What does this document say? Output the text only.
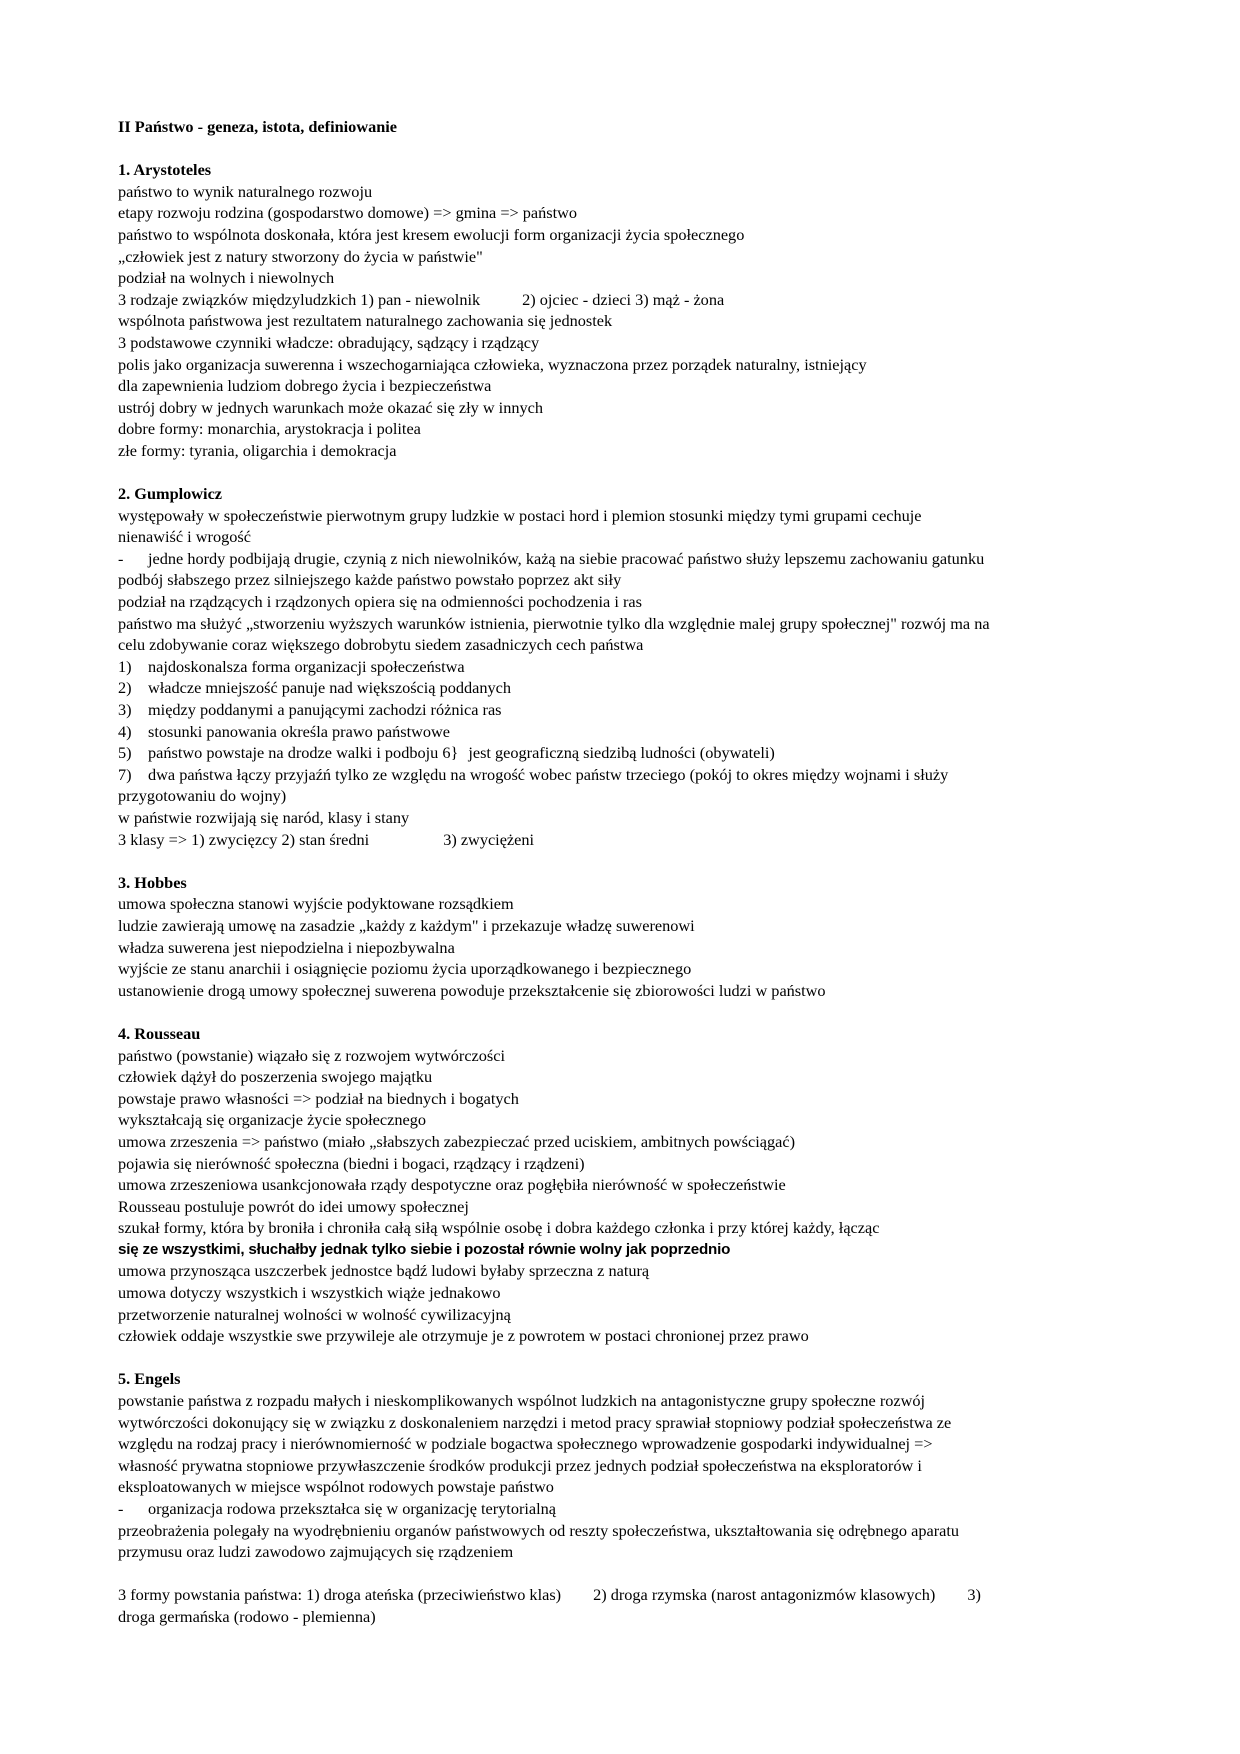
II Państwo - geneza, istota, definiowanie
1. Arystoteles
państwo to wynik naturalnego rozwoju
etapy rozwoju rodzina (gospodarstwo domowe) => gmina => państwo
państwo to wspólnota doskonała, która jest kresem ewolucji form organizacji życia społecznego
„człowiek jest z natury stworzony do życia w państwie"
podział na wolnych i niewolnych
3 rodzaje związków międzyludzkich 1) pan - niewolnik	2) ojciec - dzieci 3) mąż - żona
wspólnota państwowa jest rezultatem naturalnego zachowania się jednostek
3 podstawowe czynniki władcze: obradujący, sądzący i rządzący
polis jako organizacja suwerenna i wszechogarniająca człowieka, wyznaczona przez porządek naturalny, istniejący
dla zapewnienia ludziom dobrego życia i bezpieczeństwa
ustrój dobry w jednych warunkach może okazać się zły w innych
dobre formy: monarchia, arystokracja i politea
złe formy: tyrania, oligarchia i demokracja
2. Gumplowicz
występowały w społeczeństwie pierwotnym grupy ludzkie w postaci hord i plemion stosunki między tymi grupami cechuje
nienawiść i wrogość
- jedne hordy podbijają drugie, czynią z nich niewolników, każą na siebie pracować państwo służy lepszemu zachowaniu gatunku
podbój słabszego przez silniejszego każde państwo powstało poprzez akt siły
podział na rządzących i rządzonych opiera się na odmienności pochodzenia i ras
państwo ma służyć „stworzeniu wyższych warunków istnienia, pierwotnie tylko dla względnie malej grupy społecznej" rozwój ma na
celu zdobywanie coraz większego dobrobytu siedem zasadniczych cech państwa
1) najdoskonalsza forma organizacji społeczeństwa
2) władcze mniejszość panuje nad większością poddanych
3) między poddanymi a panującymi zachodzi różnica ras
4) stosunki panowania określa prawo państwowe
5) państwo powstaje na drodze walki i podboju 6} jest geograficzną siedzibą ludności (obywateli)
7) dwa państwa łączy przyjaźń tylko ze względu na wrogość wobec państw trzeciego (pokój to okres między wojnami i służy
przygotowaniu do wojny)
w państwie rozwijają się naród, klasy i stany
3 klasy => 1) zwycięzcy 2) stan średni	3) zwyciężeni
3. Hobbes
umowa społeczna stanowi wyjście podyktowane rozsądkiem
ludzie zawierają umowę na zasadzie „każdy z każdym" i przekazuje władzę suwerenowi
władza suwerena jest niepodzielna i niepozbywalna
wyjście ze stanu anarchii i osiągnięcie poziomu życia uporządkowanego i bezpiecznego
ustanowienie drogą umowy społecznej suwerena powoduje przekształcenie się zbiorowości ludzi w państwo
4. Rousseau
państwo (powstanie) wiązało się z rozwojem wytwórczości
człowiek dążył do poszerzenia swojego majątku
powstaje prawo własności => podział na biednych i bogatych
wykształcają się organizacje życie społecznego
umowa zrzeszenia => państwo (miało „słabszych zabezpieczać przed uciskiem, ambitnych powściągać)
pojawia się nierówność społeczna (biedni i bogaci, rządzący i rządzeni)
umowa zrzeszeniowa usankcjonowała rządy despotyczne oraz pogłębiła nierówność w społeczeństwie
Rousseau postuluje powrót do idei umowy społecznej
szukał formy, która by broniła i chroniła całą siłą wspólnie osobę i dobra każdego członka i przy której każdy, łącząc
się ze wszystkimi, słuchałby jednak tylko siebie i pozostał równie wolny jak poprzednio
umowa przynosząca uszczerbek jednostce bądź ludowi byłaby sprzeczna z naturą
umowa dotyczy wszystkich i wszystkich wiąże jednakowo
przetworzenie naturalnej wolności w wolność cywilizacyjną
człowiek oddaje wszystkie swe przywileje ale otrzymuje je z powrotem w postaci chronionej przez prawo
5. Engels
powstanie państwa z rozpadu małych i nieskomplikowanych wspólnot ludzkich na antagonistyczne grupy społeczne rozwój
wytwórczości dokonujący się w związku z doskonaleniem narzędzi i metod pracy sprawiał stopniowy podział społeczeństwa ze
względu na rodzaj pracy i nierównomierność w podziale bogactwa społecznego wprowadzenie gospodarki indywidualnej =>
własność prywatna stopniowe przywłaszczenie środków produkcji przez jednych podział społeczeństwa na eksploratorów i
eksploatowanych w miejsce wspólnot rodowych powstaje państwo
- organizacja rodowa przekształca się w organizację terytorialną
przeobrażenia polegały na wyodrębnieniu organów państwowych od reszty społeczeństwa, ukształtowania się odrębnego aparatu
przymusu oraz ludzi zawodowo zajmujących się rządzeniem
3 formy powstania państwa: 1) droga ateńska (przeciwieństwo klas) 2) droga rzymska (narost antagonizmów klasowych) 3)
droga germańska (rodowo - plemienna)
